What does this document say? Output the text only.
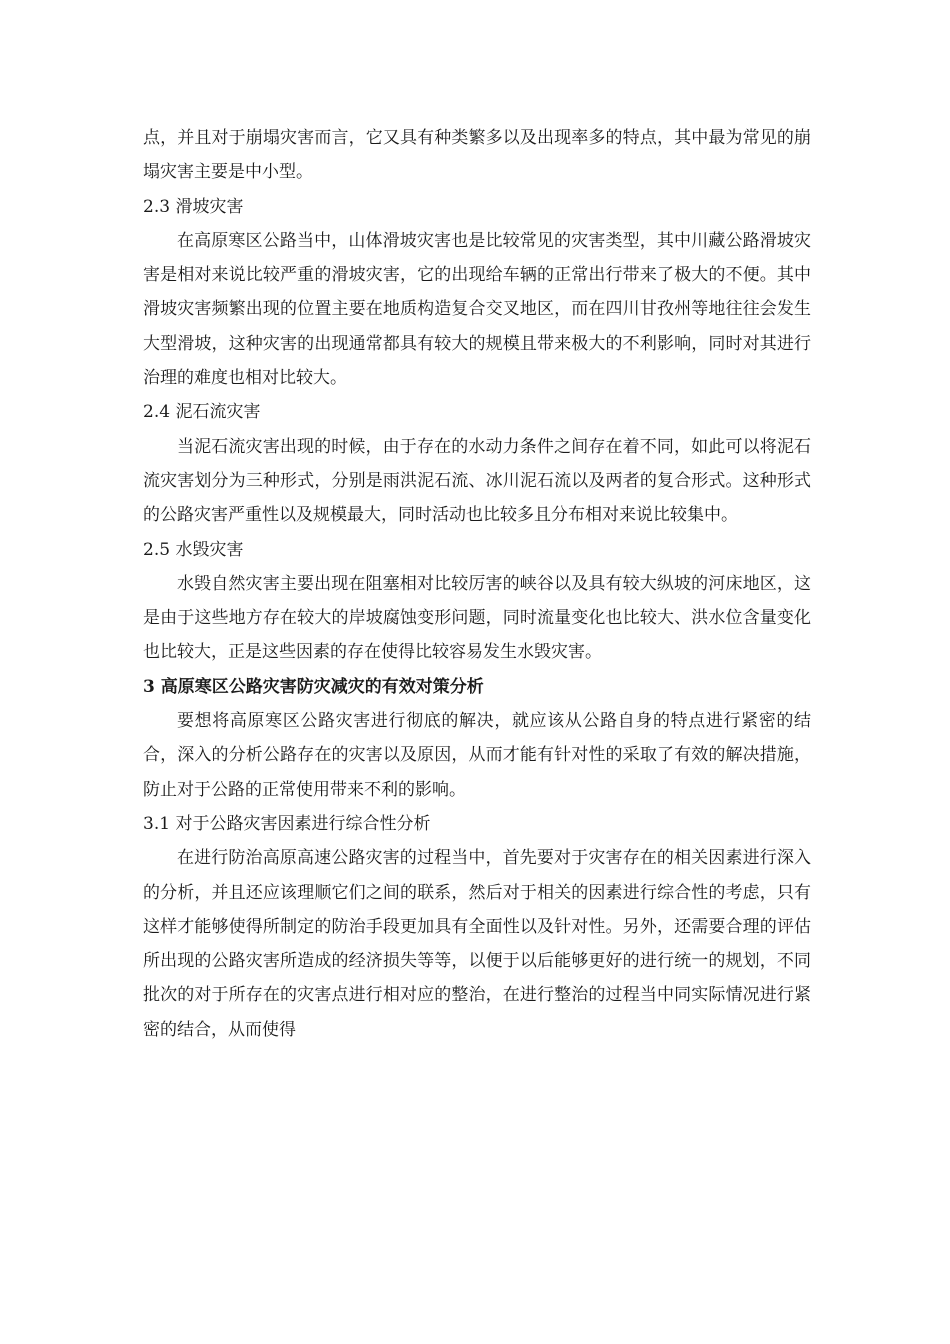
点，并且对于崩塌灾害而言，它又具有种类繁多以及出现率多的特点，其中最为常见的崩塌灾害主要是中小型。

2.3 滑坡灾害

在高原寒区公路当中，山体滑坡灾害也是比较常见的灾害类型，其中川藏公路滑坡灾害是相对来说比较严重的滑坡灾害，它的出现给车辆的正常出行带来了极大的不便。其中滑坡灾害频繁出现的位置主要在地质构造复合交叉地区，而在四川甘孜州等地往往会发生大型滑坡，这种灾害的出现通常都具有较大的规模且带来极大的不利影响，同时对其进行治理的难度也相对比较大。

2.4 泥石流灾害

当泥石流灾害出现的时候，由于存在的水动力条件之间存在着不同，如此可以将泥石流灾害划分为三种形式，分别是雨洪泥石流、冰川泥石流以及两者的复合形式。这种形式的公路灾害严重性以及规模最大，同时活动也比较多且分布相对来说比较集中。

2.5 水毁灾害

水毁自然灾害主要出现在阻塞相对比较厉害的峡谷以及具有较大纵坡的河床地区，这是由于这些地方存在较大的岸坡腐蚀变形问题，同时流量变化也比较大、洪水位含量变化也比较大，正是这些因素的存在使得比较容易发生水毁灾害。

3 高原寒区公路灾害防灾减灾的有效对策分析

要想将高原寒区公路灾害进行彻底的解决，就应该从公路自身的特点进行紧密的结合，深入的分析公路存在的灾害以及原因，从而才能有针对性的采取了有效的解决措施，防止对于公路的正常使用带来不利的影响。

3.1 对于公路灾害因素进行综合性分析

在进行防治高原高速公路灾害的过程当中，首先要对于灾害存在的相关因素进行深入的分析，并且还应该理顺它们之间的联系，然后对于相关的因素进行综合性的考虑，只有这样才能够使得所制定的防治手段更加具有全面性以及针对性。另外，还需要合理的评估所出现的公路灾害所造成的经济损失等等，以便于以后能够更好的进行统一的规划，不同批次的对于所存在的灾害点进行相对应的整治，在进行整治的过程当中同实际情况进行紧密的结合，从而使得
